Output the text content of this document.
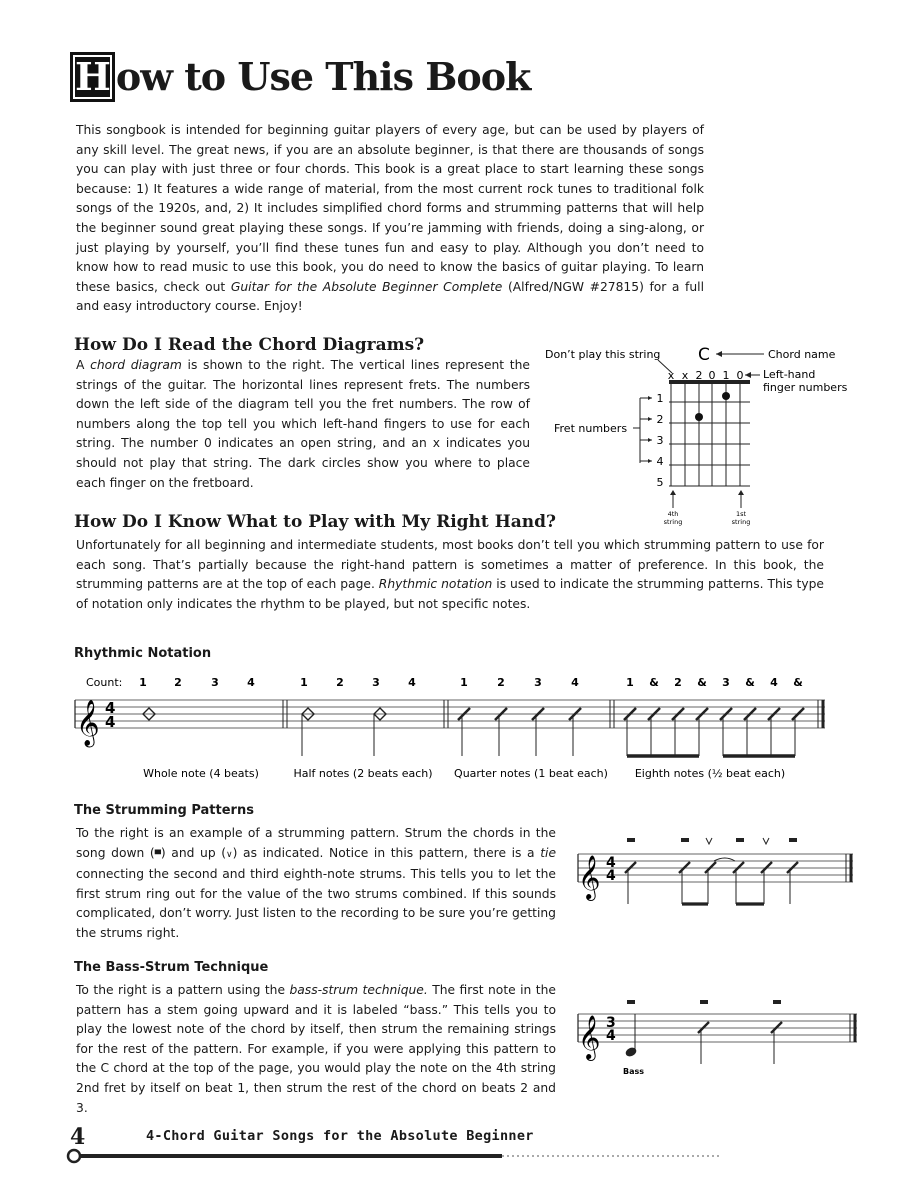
H ow to Use This Book

This songbook is intended for beginning guitar players of every age, but can be used by players of any skill level. The great news, if you are an absolute beginner, is that there are thousands of songs you can play with just three or four chords. This book is a great place to start learning these songs because: 1) It features a wide range of material, from the most current rock tunes to traditional folk songs of the 1920s, and, 2) It includes simplified chord forms and strumming patterns that will help the beginner sound great playing these songs. If you’re jamming with friends, doing a sing-along, or just playing by yourself, you’ll find these tunes fun and easy to play. Although you don’t need to know how to read music to use this book, you do need to know the basics of guitar playing. To learn these basics, check out Guitar for the Absolute Beginner Complete (Alfred/NGW #27815) for a full and easy introductory course. Enjoy!

How Do I Read the Chord Diagrams?

A chord diagram is shown to the right. The vertical lines represent the strings of the guitar. The horizontal lines represent frets. The numbers down the left side of the diagram tell you the fret numbers. The row of numbers along the top tell you which left-hand fingers to use for each string. The number 0 indicates an open string, and an x indicates you should not play that string. The dark circles show you where to place each finger on the fretboard.

Don’t play this string C	Chord name
x x 2 0 1 0 Left-hand
finger numbers
1
2
3
4
5
Fret numbers
4th
string
1st
string
How Do I Know What to Play with My Right Hand?

Unfortunately for all beginning and intermediate students, most books don’t tell you which strumming pattern to use for each song. That’s partially because the right-hand pattern is sometimes a matter of preference. In this book, the strumming patterns are at the top of each page. Rhythmic notation is used to indicate the strumming patterns. This type of notation only indicates the rhythm to be played, but not specific notes.

Rhythmic Notation
Count: 1 2	3	4	1	2	3	4	1	2	3	4	1 & 2 & 3 & 4 &
𝄞 4
4
Whole note (4 beats)	Half notes (2 beats each) Quarter notes (1 beat each) Eighth notes (½ beat each)
The Strumming Patterns

To the right is an example of a strumming pattern. Strum the chords in the song down (▀) and up (∨) as indicated. Notice in this pattern, there is a tie connecting the second and third eighth-note strums. This tells you to let the first strum ring out for the value of the two strums combined. If this sounds complicated, don’t worry. Just listen to the recording to be sure you’re getting the strums right.

𝄞 4
4
The Bass-Strum Technique

To the right is a pattern using the bass-strum technique. The first note in the pattern has a stem going upward and it is labeled “bass.” This tells you to play the lowest note of the chord by itself, then strum the remaining strings for the rest of the pattern. For example, if you were applying this pattern to the C chord at the top of the page, you would play the note on the 4th string 2nd fret by itself on beat 1, then strum the rest of the chord on beats 2 and 3.

𝄞 3
4
Bass
4	4-Chord Guitar Songs for the Absolute Beginner
